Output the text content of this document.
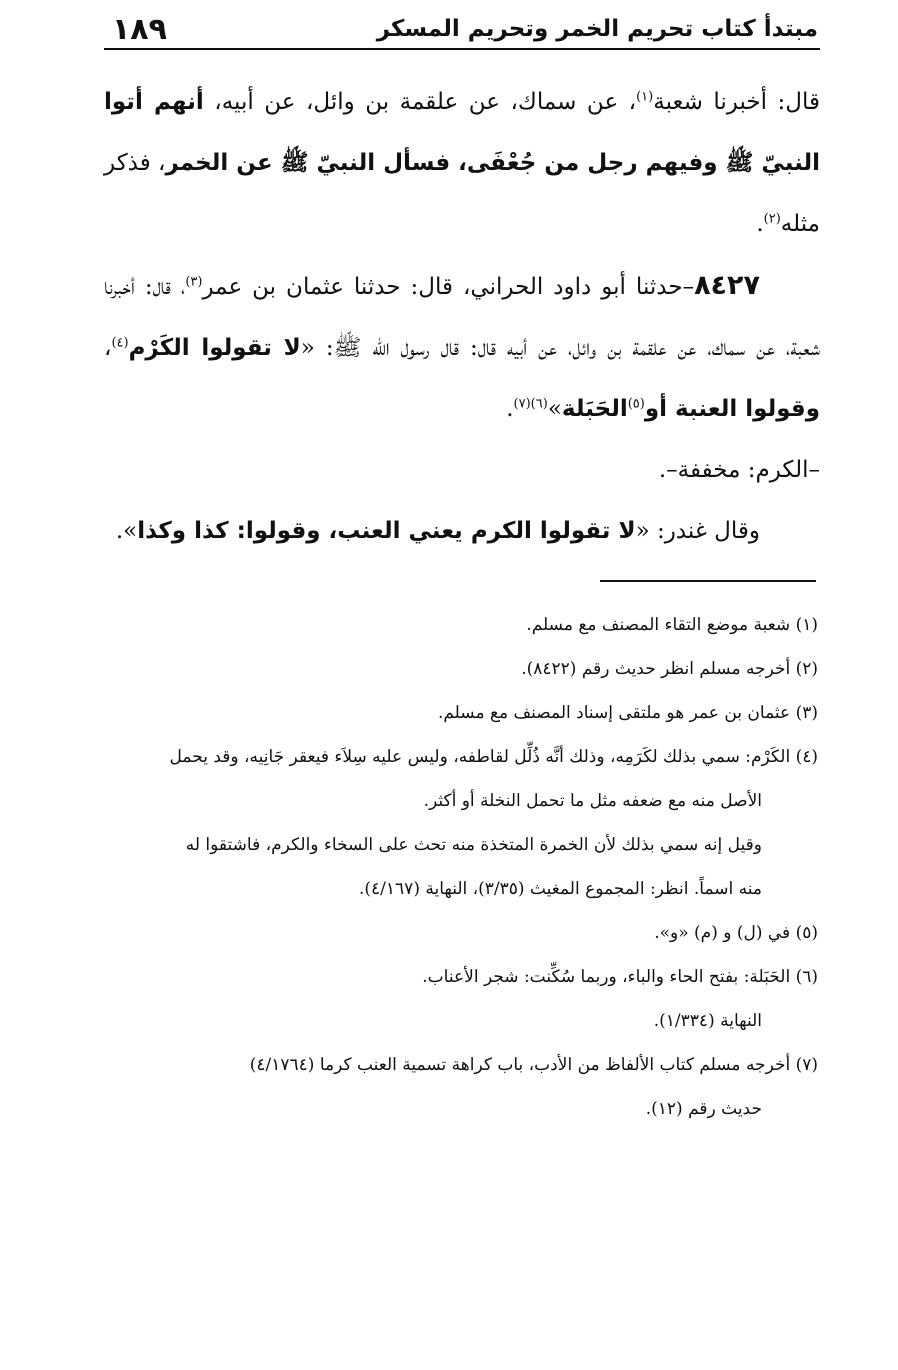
١٨٩	مبتدأ كتاب تحريم الخمر وتحريم المسكر

قال: أخبرنا شعبة$^{(١)}$، عن سماك، عن علقمة بن وائل، عن أبيه، أنهم أتوا النبيّ ﷺ وفيهم رجل من جُعْفَى، فسأل النبيّ ﷺ عن الخمر، فذكر مثله$^{(٢)}$.

٨٤٢٧–حدثنا أبو داود الحراني، قال: حدثنا عثمان بن عمر$^{(٣)}$، قال: أخبرنا شعبة، عن سماك، عن علقمة بن وائل، عن أبيه قال: قال رسول الله ﷺ: «لا تقولوا الكَرْم$^{(٤)}$، وقولوا العنبة أو$^{(٥)}$الحَبَلة»$^{(٦)(٧)}$.

–الكرم: مخففة–.

وقال غندر: «لا تقولوا الكرم يعني العنب، وقولوا: كذا وكذا».

(١) شعبة موضع التقاء المصنف مع مسلم.
(٢) أخرجه مسلم انظر حديث رقم (٨٤٢٢).
(٣) عثمان بن عمر هو ملتقى إسناد المصنف مع مسلم.
(٤) الكَرْم: سمي بذلك لكَرَمِه، وذلك أنَّه ذُلِّل لقاطفه، وليس عليه سِلاَء فيعقر جَانِيه، وقد يحمل
الأصل منه مع ضعفه مثل ما تحمل النخلة أو أكثر.
وقيل إنه سمي بذلك لأن الخمرة المتخذة منه تحث على السخاء والكرم، فاشتقوا له
منه اسماً. انظر: المجموع المغيث (٣/٣٥)، النهاية (٤/١٦٧).
(٥) في (ل) و (م) «و».
(٦) الحَبَلة: بفتح الحاء والباء، وربما سُكِّنت: شجر الأعناب.
النهاية (١/٣٣٤).
(٧) أخرجه مسلم كتاب الألفاظ من الأدب، باب كراهة تسمية العنب كرما (٤/١٧٦٤)
حديث رقم (١٢).
